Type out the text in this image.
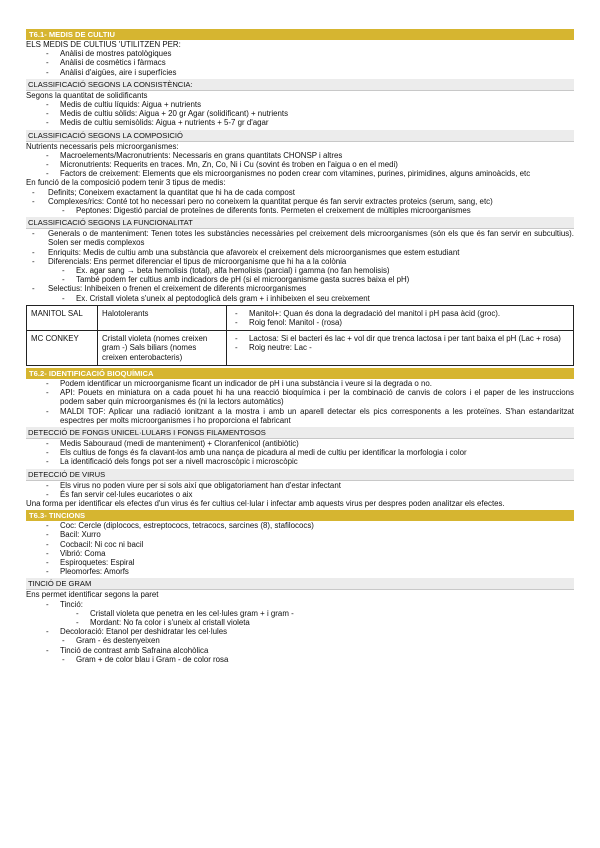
T6.1- MEDIS DE CULTIU

ELS MEDIS DE CULTIUS 'UTILITZEN PER:

- Anàlisi de mostres patològiques
- Anàlisi de cosmètics i fàrmacs
- Anàlisi d'aigües, aire i superfícies
CLASSIFICACIÓ SEGONS LA CONSISTÈNCIA:

Segons la quantitat de solidificants

- Medis de cultiu líquids: Aigua + nutrients
- Medis de cultiu sòlids: Aigua + 20 gr Agar (solidificant) + nutrients
- Medis de cultiu semisòlids: Aigua + nutrients + 5-7 gr d'agar
CLASSIFICACIÓ SEGONS LA COMPOSICIÓ

Nutrients necessaris pels microorganismes:

- Macroelements/Macronutrients: Necessaris en grans quantitats CHONSP i altres
- Micronutrients: Requerits en traces. Mn, Zn, Co, Ni i Cu (sovint és troben en l'aigua o en el medi)
- Factors de creixement: Elements que els microorganismes no poden crear com vitamines, purines, pirimidines, alguns aminoàcids, etc

En funció de la composició podem tenir 3 tipus de medis:

- Definits; Coneixem exactament la quantitat que hi ha de cada compost
- Complexes/rics: Conté tot ho necessari pero no coneixem la quantitat perque és fan servir extractes proteics (serum, sang, etc)
- Peptones: Digestió parcial de proteïnes de diferents fonts. Permeten el creixement de múltiples microorganismes
CLASSIFICACIÓ SEGONS LA FUNCIONALITAT
- Generals o de manteniment: Tenen totes les substàncies necessàries pel creixement dels microorganismes (són els que és fan servir en subcultius). Solen ser medis complexos
- Enriquits: Medis de cultiu amb una substància que afavoreix el creixement dels microorganismes que estem estudiant
- Diferencials: Ens permet diferenciar el tipus de microorganisme que hi ha a la colònia
- Ex. agar sang → beta hemolisis (total), alfa hemolisis (parcial) i gamma (no fan hemolisis)
- També podem fer cultius amb indicadors de pH (si el microorganisme gasta sucres baixa el pH)
- Selectius: Inhibeixen o frenen el creixement de diferents microorganismes
- Ex. Cristall violeta s'uneix al peptodoglicà dels gram + i inhibeixen el seu creixement
MANITOL SAL	Halotolerants	- Manitol+: Quan és dona la degradació del manitol i pH pasa àcid (groc).
- Roig fenol: Manitol - (rosa)

MC CONKEY	Cristall violeta (nomes creixen gram -) Sals biliars (nomes creixen enterobacteris)	- Lactosa: Si el bacteri és lac + vol dir que trenca lactosa i per tant baixa el pH (Lac + rosa)
- Roig neutre: Lac -
T6.2- IDENTIFICACIÓ BIOQUÍMICA
- Podem identificar un microorganisme ficant un indicador de pH i una substància i veure si la degrada o no.
- API: Pouets en miniatura on a cada pouet hi ha una reacció bioquímica i per la combinació de canvis de colors i el paper de les instruccions podem saber quin microorganismes és (ni la lectors automàtics)
- MALDI TOF: Aplicar una radiació ionitzant a la mostra i amb un aparell detectar els pics corresponents a les proteïnes. S'han estandaritzat espectres per molts microorganismes i ho proporciona el fabricant
DETECCIÓ DE FONGS UNICEL·LULARS I FONGS FILAMENTOSOS
- Medis Sabouraud (medi de manteniment) + Cloranfenicol (antibiòtic)
- Els cultius de fongs és fa clavant-los amb una nança de picadura al medi de cultiu per identificar la morfologia i color
- La identificació dels fongs pot ser a nivell macroscòpic i microscòpic
DETECCIÓ DE VIRUS
- Els virus no poden viure per si sols així que obligatoriament han d'estar infectant
- És fan servir cel·lules eucariotes o aix

Una forma per identificar els efectes d'un virus és fer cultius cel·lular i infectar amb aquests virus per despres poden analitzar els efectes.

T6.3- TINCIONS
- Coc: Cercle (diplococs, estreptococs, tetracocs, sarcines (8), stafilococs)
- Bacil: Xurro
- Cocbacil: Ni coc ni bacil
- Vibrió: Coma
- Espiroquetes: Espiral
- Pleomorfes: Amorfs
TINCIÓ DE GRAM

Ens permet identificar segons la paret

- Tinció:
- Cristall violeta que penetra en les cel·lules gram + i gram -
- Mordant: No fa color i s'uneix al cristall violeta
- Decoloració: Etanol per deshidratar les cel·lules
- Gram - és destenyeixen
- Tinció de contrast amb Safraina alcohòlica
- Gram + de color blau i Gram - de color rosa
